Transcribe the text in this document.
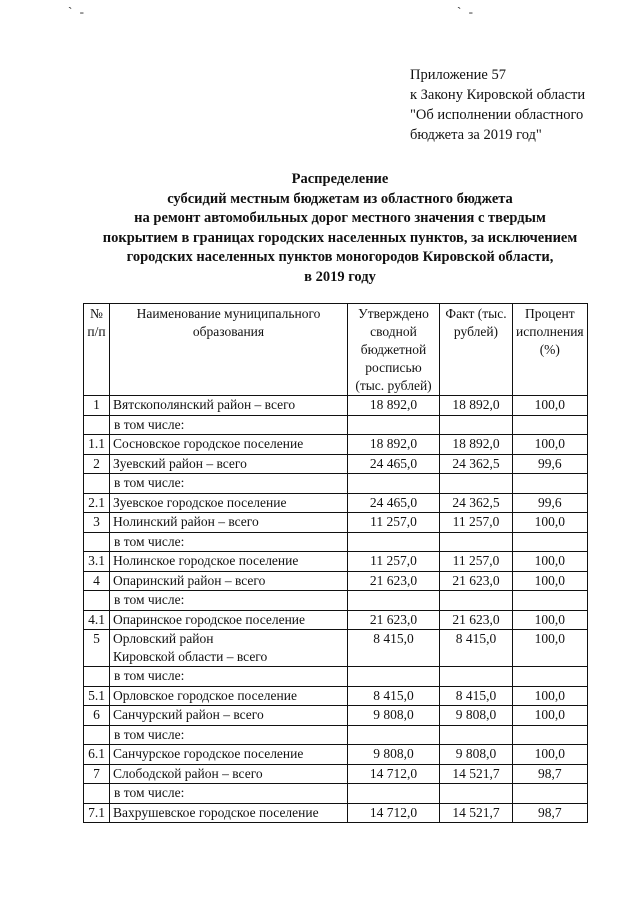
` -	` -
Приложение 57
к Закону Кировской области
"Об исполнении областного
бюджета за 2019 год"
Распределение
субсидий местным бюджетам из областного бюджета
на ремонт автомобильных дорог местного значения с твердым
покрытием в границах городских населенных пунктов, за исключением
городских населенных пунктов моногородов Кировской области,
в 2019 году
№ п/п	Наименование муниципального образования	Утверждено сводной бюджетной росписью (тыс. рублей)	Факт (тыс. рублей)	Процент исполнения (%)
1	Вятскополянский район – всего	18 892,0	18 892,0	100,0
	в том числе:			
1.1	Сосновское городское поселение	18 892,0	18 892,0	100,0
2	Зуевский район – всего	24 465,0	24 362,5	99,6
	в том числе:			
2.1	Зуевское городское поселение	24 465,0	24 362,5	99,6
3	Нолинский район – всего	11 257,0	11 257,0	100,0
	в том числе:			
3.1	Нолинское городское поселение	11 257,0	11 257,0	100,0
4	Опаринский район – всего	21 623,0	21 623,0	100,0
	в том числе:			
4.1	Опаринское городское поселение	21 623,0	21 623,0	100,0
5	Орловский район
Кировской области – всего	8 415,0	8 415,0	100,0
	в том числе:			
5.1	Орловское городское поселение	8 415,0	8 415,0	100,0
6	Санчурский район – всего	9 808,0	9 808,0	100,0
	в том числе:			
6.1	Санчурское городское поселение	9 808,0	9 808,0	100,0
7	Слободской район – всего	14 712,0	14 521,7	98,7
	в том числе:			
7.1	Вахрушевское городское поселение	14 712,0	14 521,7	98,7
